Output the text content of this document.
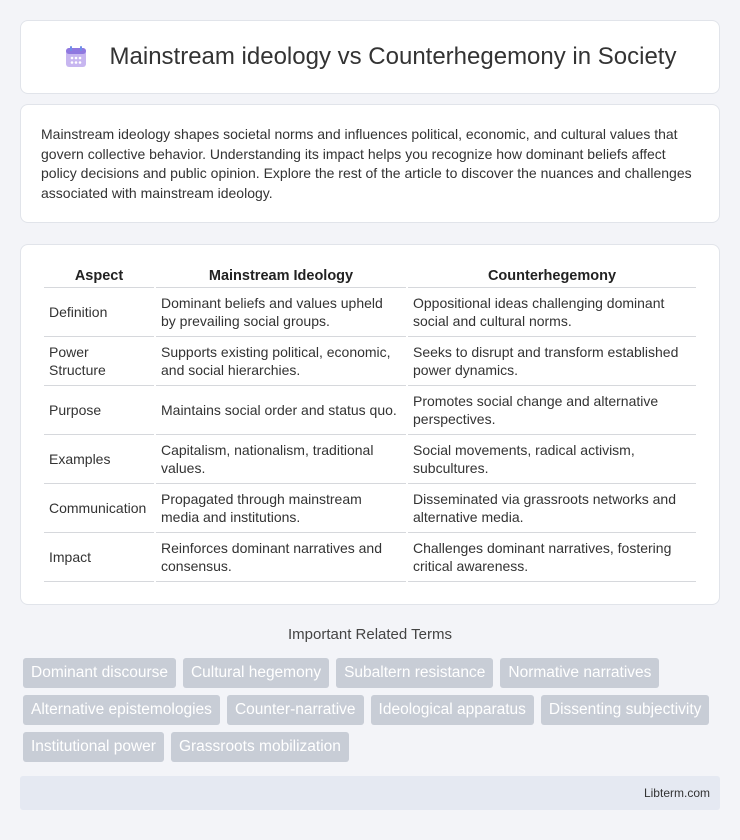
Mainstream ideology vs Counterhegemony in Society

Mainstream ideology shapes societal norms and influences political, economic, and cultural values that govern collective behavior. Understanding its impact helps you recognize how dominant beliefs affect policy decisions and public opinion. Explore the rest of the article to discover the nuances and challenges associated with mainstream ideology.

Aspect	Mainstream Ideology	Counterhegemony
Definition	Dominant beliefs and values upheld by prevailing social groups.	Oppositional ideas challenging dominant social and cultural norms.
Power Structure	Supports existing political, economic, and social hierarchies.	Seeks to disrupt and transform established power dynamics.
Purpose	Maintains social order and status quo.	Promotes social change and alternative perspectives.
Examples	Capitalism, nationalism, traditional values.	Social movements, radical activism, subcultures.
Communication	Propagated through mainstream media and institutions.	Disseminated via grassroots networks and alternative media.
Impact	Reinforces dominant narratives and consensus.	Challenges dominant narratives, fostering critical awareness.
Important Related Terms
Dominant discourse	Cultural hegemony	Subaltern resistance	Normative narratives
Alternative epistemologies	Counter-narrative	Ideological apparatus	Dissenting subjectivity
Institutional power	Grassroots mobilization
Libterm.com
